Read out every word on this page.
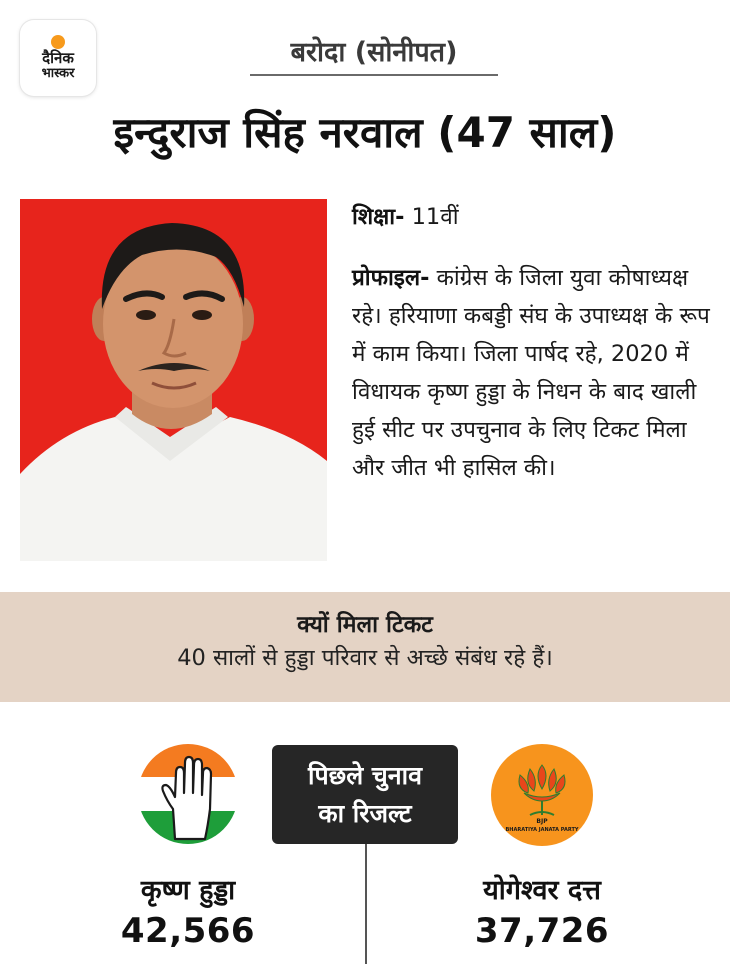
दैनिक
भास्कर
बरोदा (सोनीपत)
इन्दुराज सिंह नरवाल (47 साल)
शिक्षा- 11वीं
प्रोफाइल- कांग्रेस के जिला युवा कोषाध्यक्ष रहे। हरियाणा कबड्डी संघ के उपाध्यक्ष के रूप में काम किया। जिला पार्षद रहे, 2020 में विधायक कृष्ण हुड्डा के निधन के बाद खाली हुई सीट पर उपचुनाव के लिए टिकट मिला और जीत भी हासिल की।
क्यों मिला टिकट
40 सालों से हुड्डा परिवार से अच्छे संबंध रहे हैं।
पिछले चुनाव
का रिजल्ट	BJP
BHARATIYA JANATA PARTY
कृष्ण हुड्डा
42,566
योगेश्वर दत्त
37,726
